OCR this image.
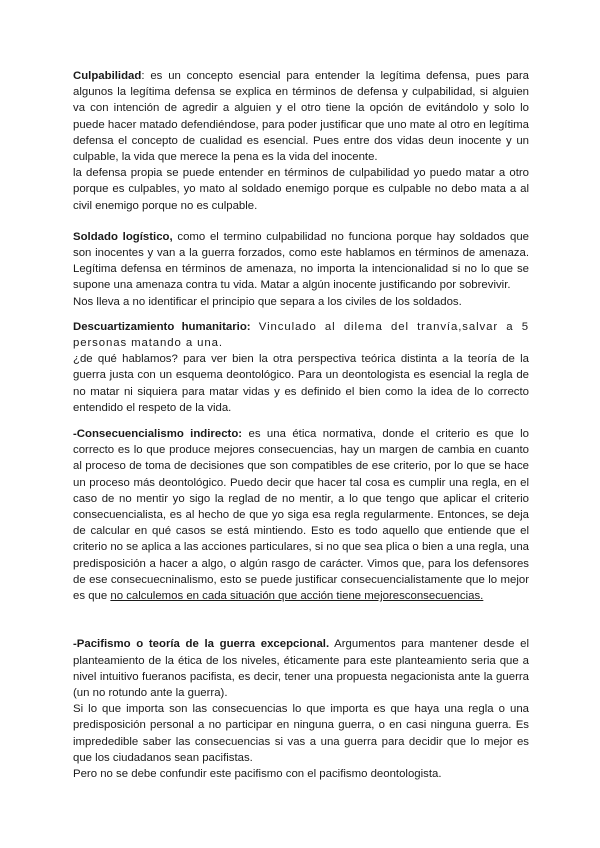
Culpabilidad: es un concepto esencial para entender la legítima defensa, pues para algunos la legítima defensa se explica en términos de defensa y culpabilidad, si alguien va con intención de agredir a alguien y el otro tiene la opción de evitándolo y solo lo puede hacer matado defendiéndose, para poder justificar que uno mate al otro en legítima defensa el concepto de cualidad es esencial. Pues entre dos vidas deun inocente y un culpable, la vida que merece la pena es la vida del inocente.

la defensa propia se puede entender en términos de culpabilidad yo puedo matar a otro porque es culpables, yo mato al soldado enemigo porque es culpable no debo mata a al civil enemigo porque no es culpable.

Soldado logístico, como el termino culpabilidad no funciona porque hay soldados que son inocentes y van a la guerra forzados, como este hablamos en términos de amenaza. Legítima defensa en términos de amenaza, no importa la intencionalidad si no lo que se supone una amenaza contra tu vida. Matar a algún inocente justificando por sobrevivir.

Nos lleva a no identificar el principio que separa a los civiles de los soldados.

Descuartizamiento humanitario: Vinculado al dilema del tranvía,salvar a 5 personas matando a una.

¿de qué hablamos? para ver bien la otra perspectiva teórica distinta a la teoría de la guerra justa con un esquema deontológico. Para un deontologista es esencial la regla de no matar ni siquiera para matar vidas y es definido el bien como la idea de lo correcto entendido el respeto de la vida.

-Consecuencialismo indirecto: es una ética normativa, donde el criterio es que lo correcto es lo que produce mejores consecuencias, hay un margen de cambia en cuanto al proceso de toma de decisiones que son compatibles de ese criterio, por lo que se hace un proceso más deontológico. Puedo decir que hacer tal cosa es cumplir una regla, en el caso de no mentir yo sigo la reglad de no mentir, a lo que tengo que aplicar el criterio consecuencialista, es al hecho de que yo siga esa regla regularmente. Entonces, se deja de calcular en qué casos se está mintiendo. Esto es todo aquello que entiende que el criterio no se aplica a las acciones particulares, si no que sea plica o bien a una regla, una predisposición a hacer a algo, o algún rasgo de carácter. Vimos que, para los defensores de ese consecuecninalismo, esto se puede justificar consecuencialistamente que lo mejor es que no calculemos en cada situación que acción tiene mejoresconsecuencias.

-Pacifismo o teoría de la guerra excepcional. Argumentos para mantener desde el planteamiento de la ética de los niveles, éticamente para este planteamiento seria que a nivel intuitivo fueranos pacifista, es decir, tener una propuesta negacionista ante la guerra (un no rotundo ante la guerra).

Si lo que importa son las consecuencias lo que importa es que haya una regla o una predisposición personal a no participar en ninguna guerra, o en casi ninguna guerra. Es imprededible saber las consecuencias si vas a una guerra para decidir que lo mejor es que los ciudadanos sean pacifistas.

Pero no se debe confundir este pacifismo con el pacifismo deontologista.
